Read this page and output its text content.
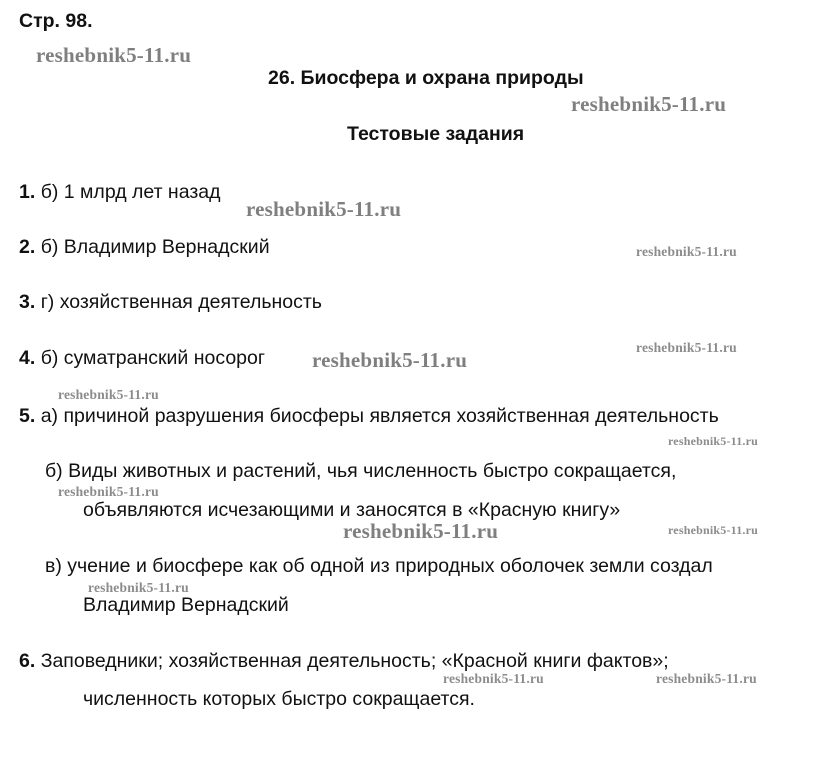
Стр. 98.
26. Биосфера и охрана природы
Тестовые задания
1. б) 1 млрд лет назад
2. б) Владимир Вернадский
3. г) хозяйственная деятельность
4. б) суматранский носорог
5. а) причиной разрушения биосферы является хозяйственная деятельность
б) Виды животных и растений, чья численность быстро сокращается,
объявляются исчезающими и заносятся в «Красную книгу»
в) учение и биосфере как об одной из природных оболочек земли создал
Владимир Вернадский
6. Заповедники; хозяйственная деятельность; «Красной книги фактов»;
численность которых быстро сокращается.
reshebnik5-11.ru
reshebnik5-11.ru
reshebnik5-11.ru
reshebnik5-11.ru
reshebnik5-11.ru
reshebnik5-11.ru
reshebnik5-11.ru
reshebnik5-11.ru
reshebnik5-11.ru
reshebnik5-11.ru
reshebnik5-11.ru
reshebnik5-11.ru
reshebnik5-11.ru	reshebnik5-11.ru
